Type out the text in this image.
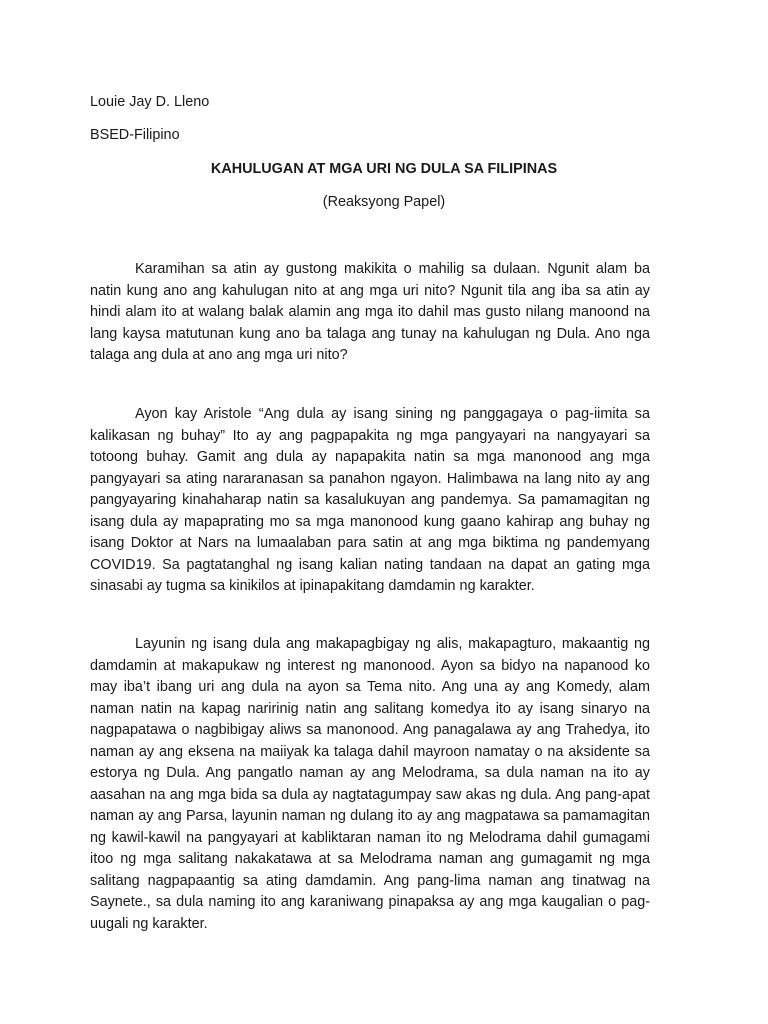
Louie Jay D. Lleno
BSED-Filipino
KAHULUGAN AT MGA URI NG DULA SA FILIPINAS
(Reaksyong Papel)

Karamihan sa atin ay gustong makikita o mahilig sa dulaan. Ngunit alam ba natin kung ano ang kahulugan nito at ang mga uri nito? Ngunit tila ang iba sa atin ay hindi alam ito at walang balak alamin ang mga ito dahil mas gusto nilang manoond na lang kaysa matutunan kung ano ba talaga ang tunay na kahulugan ng Dula. Ano nga talaga ang dula at ano ang mga uri nito?

Ayon kay Aristole “Ang dula ay isang sining ng panggagaya o pag-iimita sa kalikasan ng buhay” Ito ay ang pagpapakita ng mga pangyayari na nangyayari sa totoong buhay. Gamit ang dula ay napapakita natin sa mga manonood ang mga pangyayari sa ating nararanasan sa panahon ngayon. Halimbawa na lang nito ay ang pangyayaring kinahaharap natin sa kasalukuyan ang pandemya. Sa pamamagitan ng isang dula ay mapaprating mo sa mga manonood kung gaano kahirap ang buhay ng isang Doktor at Nars na lumaalaban para satin at ang mga biktima ng pandemyang COVID19. Sa pagtatanghal ng isang kalian nating tandaan na dapat an gating mga sinasabi ay tugma sa kinikilos at ipinapakitang damdamin ng karakter.

Layunin ng isang dula ang makapagbigay ng alis, makapagturo, makaantig ng damdamin at makapukaw ng interest ng manonood. Ayon sa bidyo na napanood ko may iba’t ibang uri ang dula na ayon sa Tema nito. Ang una ay ang Komedy, alam naman natin na kapag naririnig natin ang salitang komedya ito ay isang sinaryo na nagpapatawa o nagbibigay aliws sa manonood. Ang panagalawa ay ang Trahedya, ito naman ay ang eksena na maiiyak ka talaga dahil mayroon namatay o na aksidente sa estorya ng Dula. Ang pangatlo naman ay ang Melodrama, sa dula naman na ito ay aasahan na ang mga bida sa dula ay nagtatagumpay saw akas ng dula. Ang pang-apat naman ay ang Parsa, layunin naman ng dulang ito ay ang magpatawa sa pamamagitan ng kawil-kawil na pangyayari at kabliktaran naman ito ng Melodrama dahil gumagami itoo ng mga salitang nakakatawa at sa Melodrama naman ang gumagamit ng mga salitang nagpapaantig sa ating damdamin. Ang pang-lima naman ang tinatwag na Saynete., sa dula naming ito ang karaniwang pinapaksa ay ang mga kaugalian o pag-uugali ng karakter.
